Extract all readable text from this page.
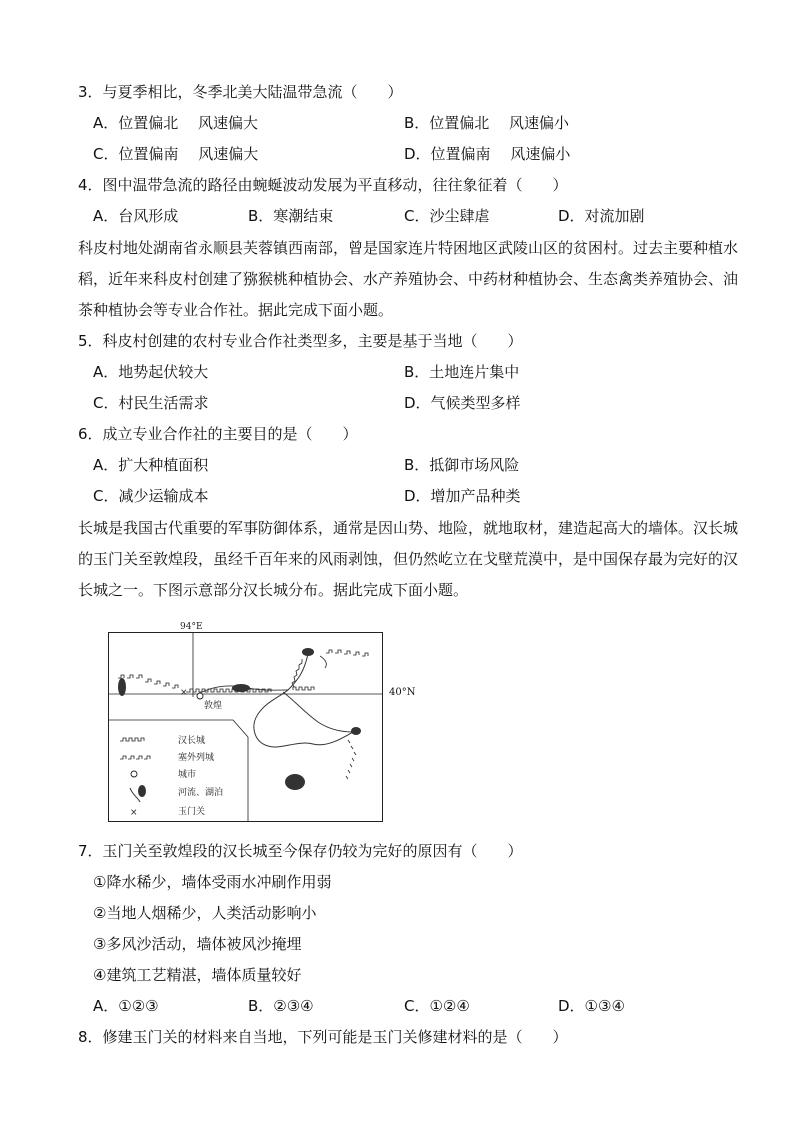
3．与夏季相比，冬季北美大陆温带急流（　　）
A．位置偏北　 风速偏大	B．位置偏北　 风速偏小
C．位置偏南　 风速偏大	D．位置偏南　 风速偏小
4．图中温带急流的路径由蜿蜒波动发展为平直移动，往往象征着（　　）
A．台风形成	B．寒潮结束	C．沙尘肆虐	D．对流加剧
科皮村地处湖南省永顺县芙蓉镇西南部，曾是国家连片特困地区武陵山区的贫困村。过去主要种植水
稻，近年来科皮村创建了猕猴桃种植协会、水产养殖协会、中药材种植协会、生态禽类养殖协会、油
茶种植协会等专业合作社。据此完成下面小题。
5．科皮村创建的农村专业合作社类型多，主要是基于当地（　　）
A．地势起伏较大	B．土地连片集中
C．村民生活需求	D．气候类型多样
6．成立专业合作社的主要目的是（　　）
A．扩大种植面积	B．抵御市场风险
C．减少运输成本	D．增加产品种类
长城是我国古代重要的军事防御体系，通常是因山势、地险，就地取材，建造起高大的墙体。汉长城
的玉门关至敦煌段，虽经千百年来的风雨剥蚀，但仍然屹立在戈壁荒漠中，是中国保存最为完好的汉
长城之一。下图示意部分汉长城分布。据此完成下面小题。
94°E
×
敦煌
汉长城
塞外列城
城市
河流、湖泊
×	玉门关
40°N
7．玉门关至敦煌段的汉长城至今保存仍较为完好的原因有（　　）
①降水稀少，墙体受雨水冲刷作用弱
②当地人烟稀少，人类活动影响小
③多风沙活动，墙体被风沙掩埋
④建筑工艺精湛，墙体质量较好
A．①②③	B．②③④	C．①②④	D．①③④
8．修建玉门关的材料来自当地，下列可能是玉门关修建材料的是（　　）
